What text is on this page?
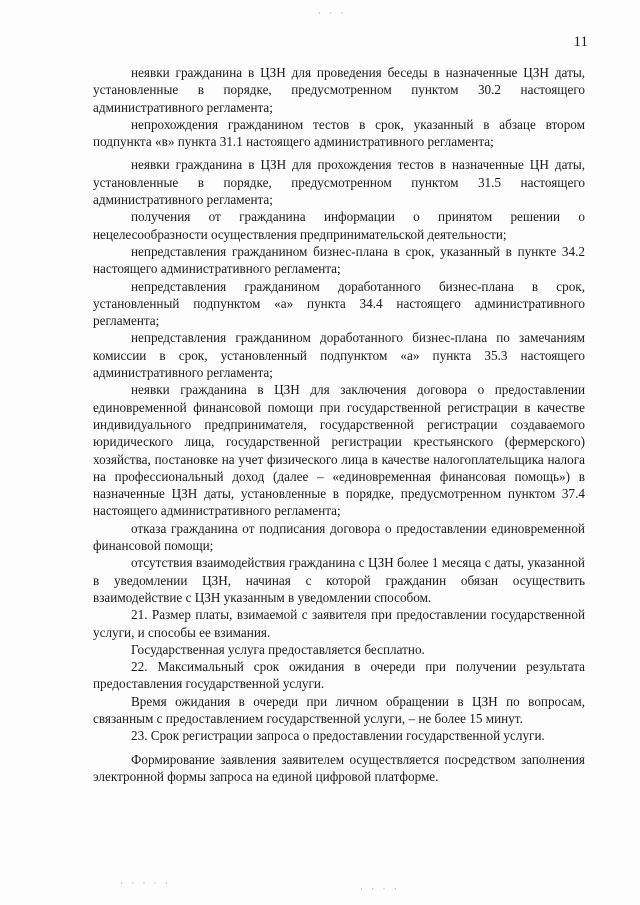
· · ·
· · · · ·
· · · ·
11

неявки гражданина в ЦЗН для проведения беседы в назначенные ЦЗН даты, установленные в порядке, предусмотренном пунктом 30.2 настоящего административного регламента;

непрохождения гражданином тестов в срок, указанный в абзаце втором подпункта «в» пункта 31.1 настоящего административного регламента;

неявки гражданина в ЦЗН для прохождения тестов в назначенные ЦН даты, установленные в порядке, предусмотренном пунктом 31.5 настоящего административного регламента;

получения от гражданина информации о принятом решении о нецелесообразности осуществления предпринимательской деятельности;

непредставления гражданином бизнес-плана в срок, указанный в пункте 34.2 настоящего административного регламента;

непредставления гражданином доработанного бизнес-плана в срок, установленный подпунктом «а» пункта 34.4 настоящего административного регламента;

непредставления гражданином доработанного бизнес-плана по замечаниям комиссии в срок, установленный подпунктом «а» пункта 35.3 настоящего административного регламента;

неявки гражданина в ЦЗН для заключения договора о предоставлении единовременной финансовой помощи при государственной регистрации в качестве индивидуального предпринимателя, государственной регистрации создаваемого юридического лица, государственной регистрации крестьянского (фермерского) хозяйства, постановке на учет физического лица в качестве налогоплательщика налога на профессиональный доход (далее – «единовременная финансовая помощь») в назначенные ЦЗН даты, установленные в порядке, предусмотренном пунктом 37.4 настоящего административного регламента;

отказа гражданина от подписания договора о предоставлении единовременной финансовой помощи;

отсутствия взаимодействия гражданина с ЦЗН более 1 месяца с даты, указанной в уведомлении ЦЗН, начиная с которой гражданин обязан осуществить взаимодействие с ЦЗН указанным в уведомлении способом.

21. Размер платы, взимаемой с заявителя при предоставлении государственной услуги, и способы ее взимания.

Государственная услуга предоставляется бесплатно.

22. Максимальный срок ожидания в очереди при получении результата предоставления государственной услуги.

Время ожидания в очереди при личном обращении в ЦЗН по вопросам, связанным с предоставлением государственной услуги, – не более 15 минут.

23. Срок регистрации запроса о предоставлении государственной услуги.

Формирование заявления заявителем осуществляется посредством заполнения электронной формы запроса на единой цифровой платформе.
